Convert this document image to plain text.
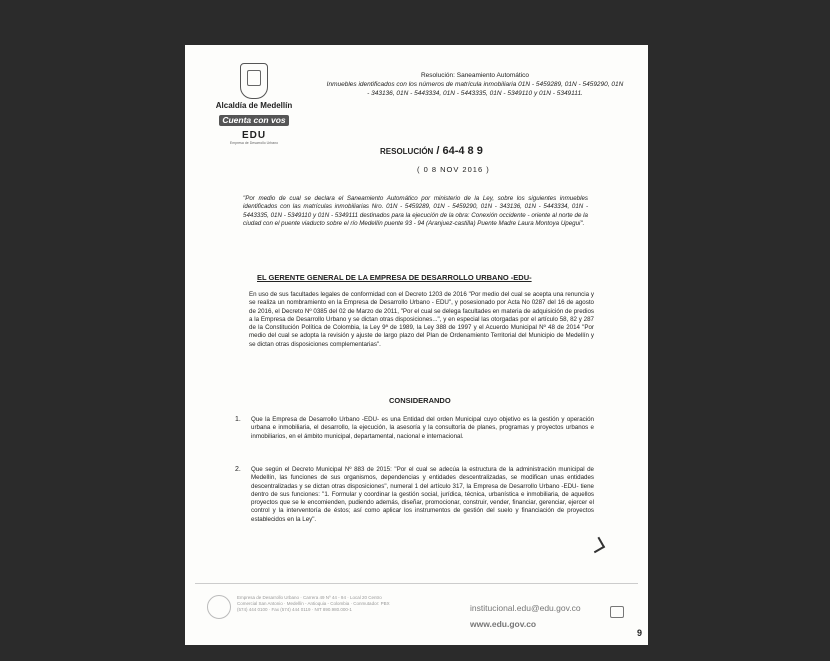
Alcaldía de Medellín
Cuenta con vos
EDU
Empresa de Desarrollo Urbano
Resolución: Saneamiento Automático
Inmuebles identificados con los números de matrícula inmobiliaria 01N - 5459289, 01N - 5459290, 01N - 343136, 01N - 5443334, 01N - 5443335, 01N - 5349110 y 01N - 5349111.
RESOLUCIÓN / 64-4 8 9
( 0 8 NOV 2016 )
"Por medio de cual se declara el Saneamiento Automático por ministerio de la Ley, sobre los siguientes inmuebles identificados con las matrículas inmobiliarias Nro. 01N - 5459289, 01N - 5459290, 01N - 343136, 01N - 5443334, 01N - 5443335, 01N - 5349110 y 01N - 5349111 destinados para la ejecución de la obra: Conexión occidente - oriente al norte de la ciudad con el puente viaducto sobre el río Medellín puente 93 - 94 (Aranjuez-castilla) Puente Madre Laura Montoya Upegui".
EL GERENTE GENERAL DE LA EMPRESA DE DESARROLLO URBANO -EDU-
En uso de sus facultades legales de conformidad con el Decreto 1203 de 2016 "Por medio del cual se acepta una renuncia y se realiza un nombramiento en la Empresa de Desarrollo Urbano - EDU", y posesionado por Acta No 0287 del 16 de agosto de 2016, el Decreto Nº 0385 del 02 de Marzo de 2011, "Por el cual se delega facultades en materia de adquisición de predios a la Empresa de Desarrollo Urbano y se dictan otras disposiciones...", y en especial las otorgadas por el artículo 58, 82 y 287 de la Constitución Política de Colombia, la Ley 9ª de 1989, la Ley 388 de 1997 y el Acuerdo Municipal Nº 48 de 2014 "Por medio del cual se adopta la revisión y ajuste de largo plazo del Plan de Ordenamiento Territorial del Municipio de Medellín y se dictan otras disposiciones complementarias".
CONSIDERANDO
1. Que la Empresa de Desarrollo Urbano -EDU- es una Entidad del orden Municipal cuyo objetivo es la gestión y operación urbana e inmobiliaria, el desarrollo, la ejecución, la asesoría y la consultoría de planes, programas y proyectos urbanos e inmobiliarios, en el ámbito municipal, departamental, nacional e internacional.
2. Que según el Decreto Municipal Nº 883 de 2015: "Por el cual se adecúa la estructura de la administración municipal de Medellín, las funciones de sus organismos, dependencias y entidades descentralizadas, se modifican unas entidades descentralizadas y se dictan otras disposiciones", numeral 1 del artículo 317, la Empresa de Desarrollo Urbano -EDU- tiene dentro de sus funciones: "1. Formular y coordinar la gestión social, jurídica, técnica, urbanística e inmobiliaria, de aquellos proyectos que se le encomienden, pudiendo además, diseñar, promocionar, construir, vender, financiar, gerenciar, ejercer el control y la interventoría de éstos; así como aplicar los instrumentos de gestión del suelo y financiación de proyectos establecidos en la Ley".
Empresa de Desarrollo Urbano · Carrera 49 Nº 44 - 94 · Local 20 Centro Comercial San Antonio · Medellín - Antioquia - Colombia · Conmutador: PBX (574) 444 0100 · Fax (574) 444 0119 · NIT 890.980.000-1	institucional.edu@edu.gov.co
www.edu.gov.co
9
